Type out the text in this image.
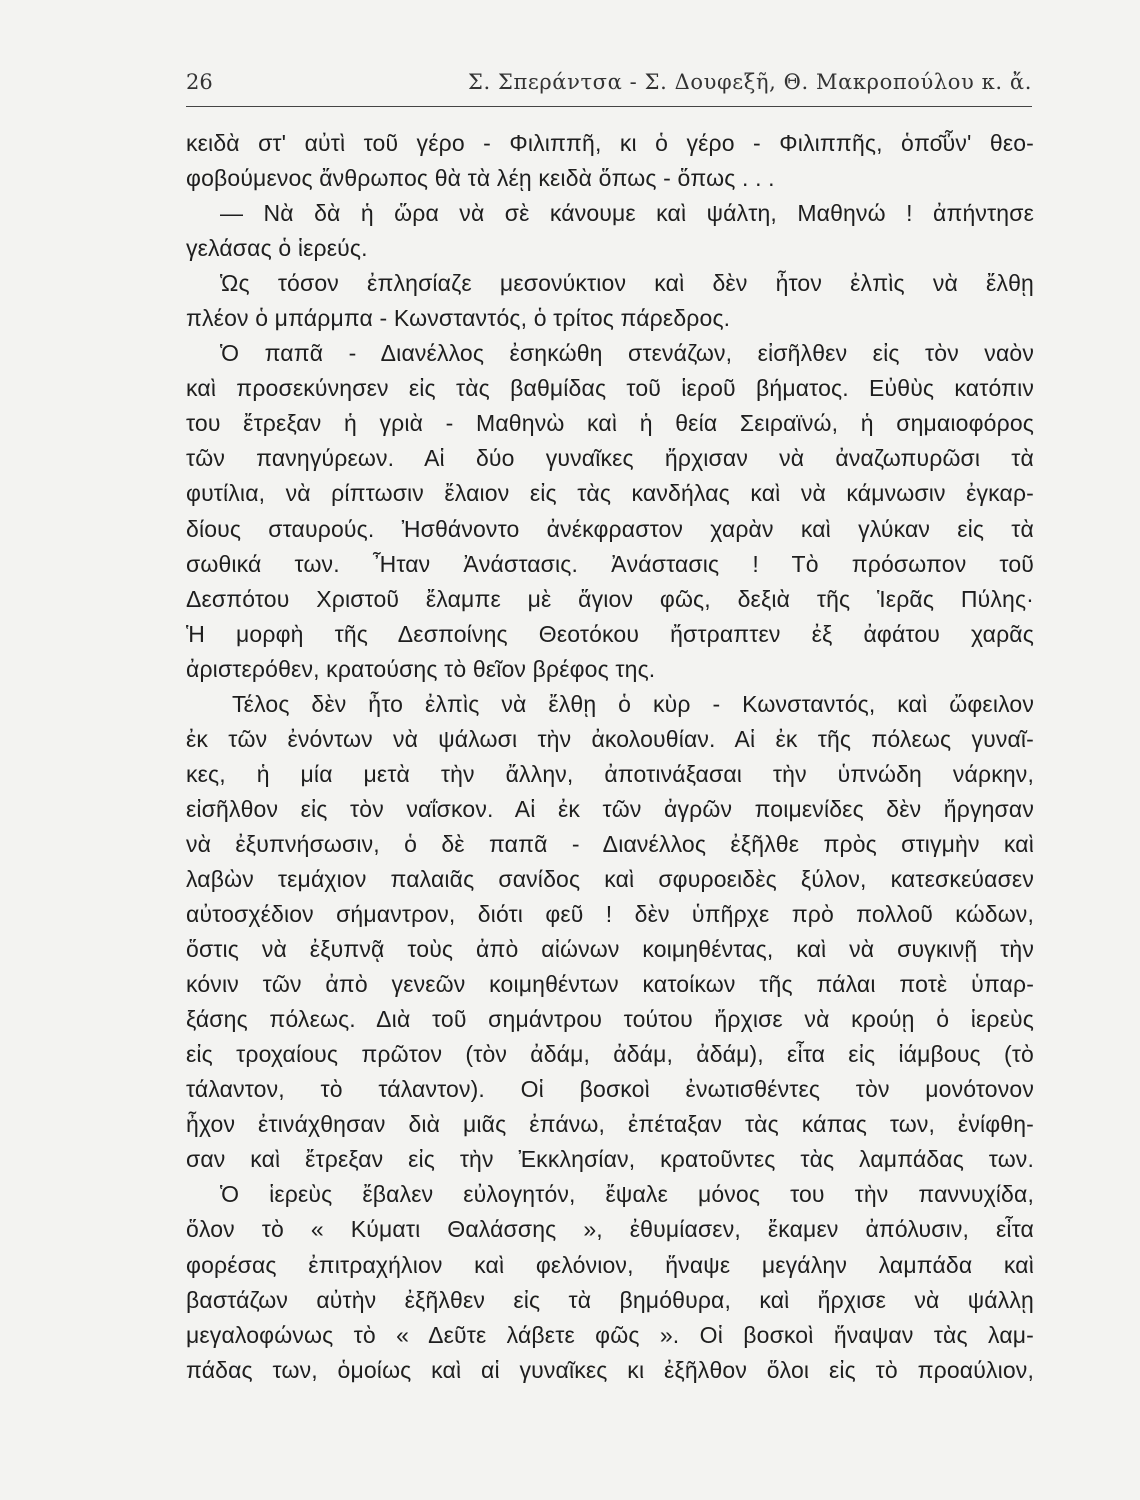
26	Σ. Σπεράντσα - Σ. Δουφεξῆ, Θ. Μακροπούλου κ. ἄ.
κειδὰ στ' αὐτὶ τοῦ γέρο - Φιλιππῆ, κι ὁ γέρο - Φιλιππῆς, ὁπο͂ὖν' θεο-
φοβούμενος ἄνθρωπος θὰ τὰ λέῃ κειδὰ ὅπως - ὅπως . . .
— Νὰ δὰ ἡ ὥρα νὰ σὲ κάνουμε καὶ ψάλτη, Μαθηνώ ! ἀπήντησε
γελάσας ὁ ἱερεύς.
Ὡς τόσον ἐπλησίαζε μεσονύκτιον καὶ δὲν ἦτον ἐλπὶς νὰ ἔλθῃ
πλέον ὁ μπάρμπα - Κωνσταντός, ὁ τρίτος πάρεδρος.
Ὁ παπᾶ - Διανέλλος ἐσηκώθη στενάζων, εἰσῆλθεν εἰς τὸν ναὸν
καὶ προσεκύνησεν εἰς τὰς βαθμίδας τοῦ ἱεροῦ βήματος. Εὐθὺς κατόπιν
του ἔτρεξαν ἡ γριὰ - Μαθηνὼ καὶ ἡ θεία Σειραϊνώ, ἡ σημαιοφόρος
τῶν πανηγύρεων. Αἱ δύο γυναῖκες ἤρχισαν νὰ ἀναζωπυρῶσι τὰ
φυτίλια, νὰ ρίπτωσιν ἔλαιον εἰς τὰς κανδήλας καὶ νὰ κάμνωσιν ἐγκαρ-
δίους σταυρούς. Ἠσθάνοντο ἀνέκφραστον χαρὰν καὶ γλύκαν εἰς τὰ
σωθικά των. Ἦταν Ἀνάστασις. Ἀνάστασις ! Τὸ πρόσωπον τοῦ
Δεσπότου Χριστοῦ ἔλαμπε μὲ ἅγιον φῶς, δεξιὰ τῆς Ἱερᾶς Πύλης·
Ἡ μορφὴ τῆς Δεσποίνης Θεοτόκου ἤστραπτεν ἐξ ἀφάτου χαρᾶς
ἀριστερόθεν, κρατούσης τὸ θεῖον βρέφος της.
Τέλος δὲν ἦτο ἐλπὶς νὰ ἔλθῃ ὁ κὺρ - Κωνσταντός, καὶ ὤφειλον
ἐκ τῶν ἐνόντων νὰ ψάλωσι τὴν ἀκολουθίαν. Αἱ ἐκ τῆς πόλεως γυναῖ-
κες, ἡ μία μετὰ τὴν ἄλλην, ἀποτινάξασαι τὴν ὑπνώδη νάρκην,
εἰσῆλθον εἰς τὸν ναΐσκον. Αἱ ἐκ τῶν ἀγρῶν ποιμενίδες δὲν ἤργησαν
νὰ ἐξυπνήσωσιν, ὁ δὲ παπᾶ - Διανέλλος ἐξῆλθε πρὸς στιγμὴν καὶ
λαβὼν τεμάχιον παλαιᾶς σανίδος καὶ σφυροειδὲς ξύλον, κατεσκεύασεν
αὐτοσχέδιον σήμαντρον, διότι φεῦ ! δὲν ὑπῆρχε πρὸ πολλοῦ κώδων,
ὅστις νὰ ἐξυπνᾷ τοὺς ἀπὸ αἰώνων κοιμηθέντας, καὶ νὰ συγκινῇ τὴν
κόνιν τῶν ἀπὸ γενεῶν κοιμηθέντων κατοίκων τῆς πάλαι ποτὲ ὑπαρ-
ξάσης πόλεως. Διὰ τοῦ σημάντρου τούτου ἤρχισε νὰ κρούῃ ὁ ἱερεὺς
εἰς τροχαίους πρῶτον (τὸν ἀδάμ, ἀδάμ, ἀδάμ), εἶτα εἰς ἰάμβους (τὸ
τάλαντον, τὸ τάλαντον). Οἱ βοσκοὶ ἐνωτισθέντες τὸν μονότονον
ἦχον ἐτινάχθησαν διὰ μιᾶς ἐπάνω, ἐπέταξαν τὰς κάπας των, ἐνίφθη-
σαν καὶ ἔτρεξαν εἰς τὴν Ἐκκλησίαν, κρατοῦντες τὰς λαμπάδας των.
Ὁ ἱερεὺς ἔβαλεν εὐλογητόν, ἔψαλε μόνος του τὴν παννυχίδα,
ὅλον τὸ « Κύματι Θαλάσσης », ἐθυμίασεν, ἔκαμεν ἀπόλυσιν, εἶτα
φορέσας ἐπιτραχήλιον καὶ φελόνιον, ἥναψε μεγάλην λαμπάδα καὶ
βαστάζων αὐτὴν ἐξῆλθεν εἰς τὰ βημόθυρα, καὶ ἤρχισε νὰ ψάλλῃ
μεγαλοφώνως τὸ « Δεῦτε λάβετε φῶς ». Οἱ βοσκοὶ ἥναψαν τὰς λαμ-
πάδας των, ὁμοίως καὶ αἱ γυναῖκες κι ἐξῆλθον ὅλοι εἰς τὸ προαύλιον,
